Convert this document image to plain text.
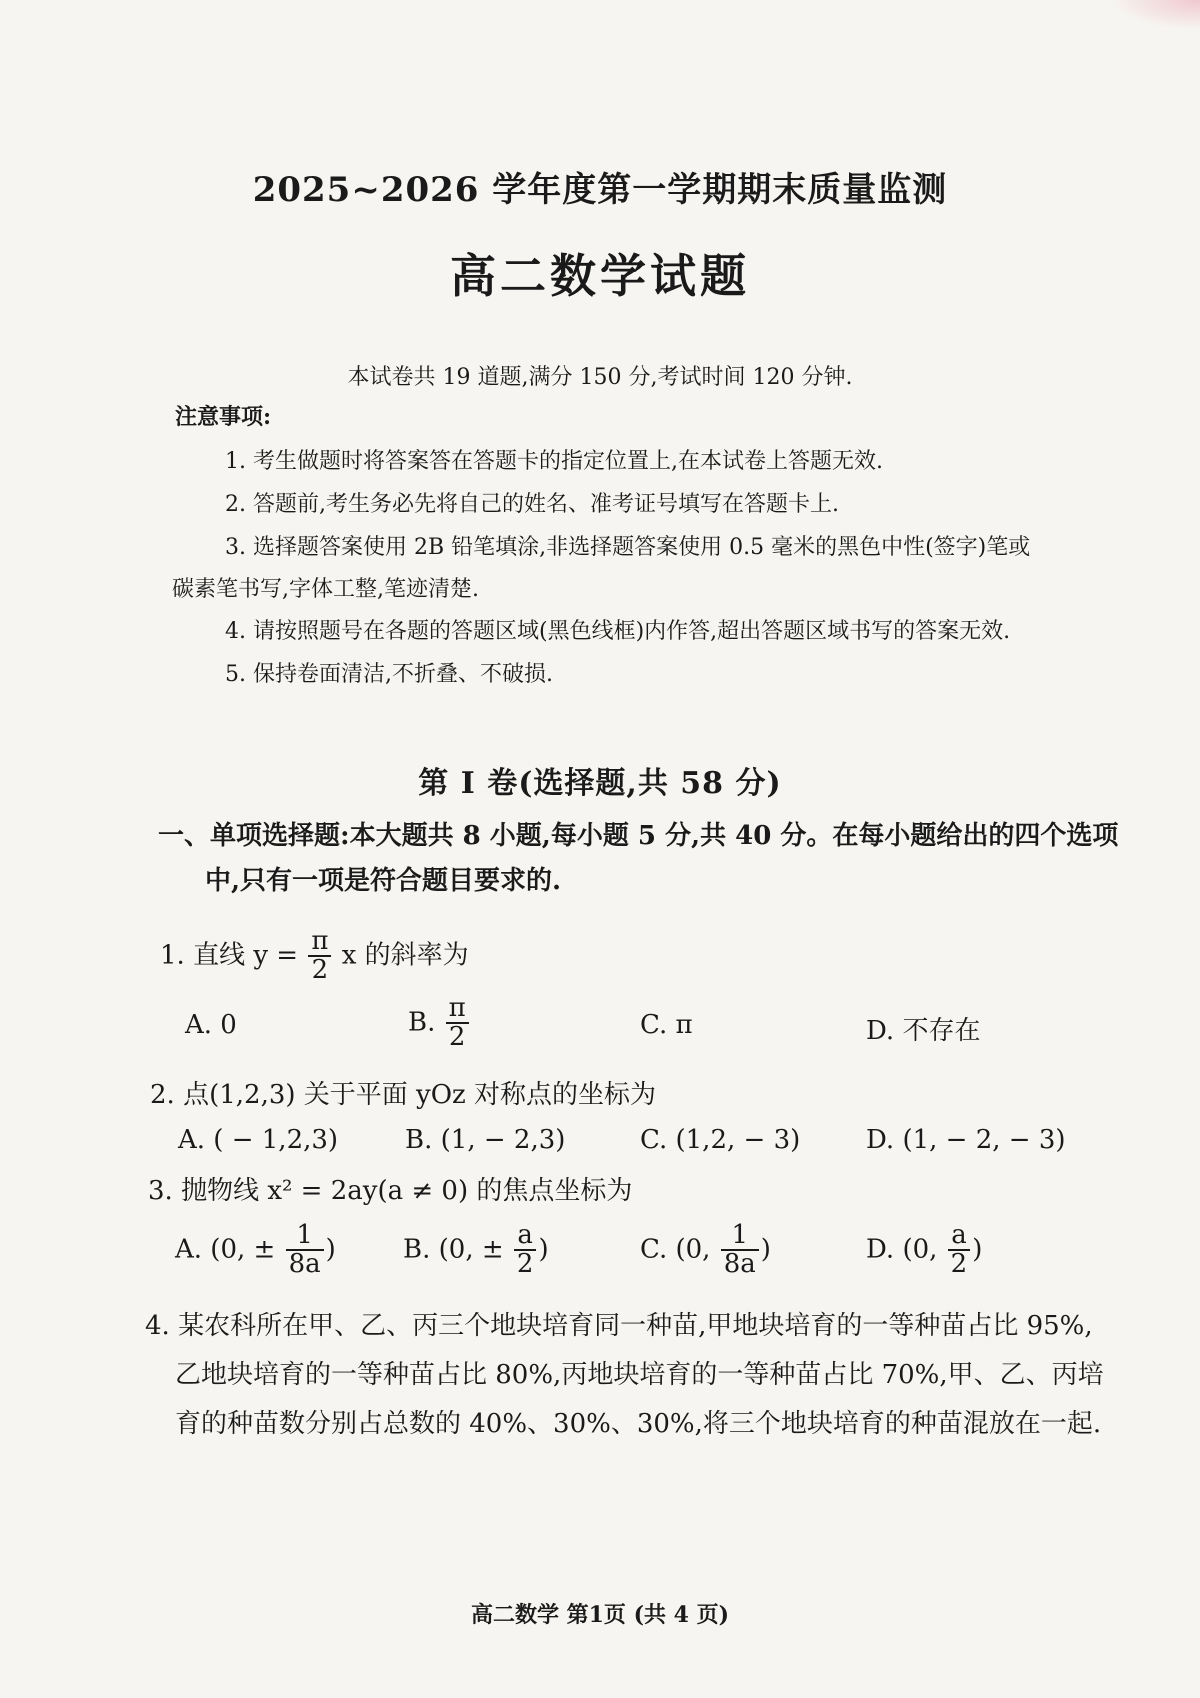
2025~2026 学年度第一学期期末质量监测
高二数学试题
本试卷共 19 道题,满分 150 分,考试时间 120 分钟.
注意事项:
1. 考生做题时将答案答在答题卡的指定位置上,在本试卷上答题无效.
2. 答题前,考生务必先将自己的姓名、准考证号填写在答题卡上.
3. 选择题答案使用 2B 铅笔填涂,非选择题答案使用 0.5 毫米的黑色中性(签字)笔或
碳素笔书写,字体工整,笔迹清楚.
4. 请按照题号在各题的答题区域(黑色线框)内作答,超出答题区域书写的答案无效.
5. 保持卷面清洁,不折叠、不破损.
第 Ⅰ 卷(选择题,共 58 分)
一、单项选择题:本大题共 8 小题,每小题 5 分,共 40 分。在每小题给出的四个选项
中,只有一项是符合题目要求的.
1. 直线 $y = \frac{\pi}{2}$ x 的斜率为
A. 0	B. $\frac{\pi}{2}$	C. π	D. 不存在
2. 点(1,2,3) 关于平面 yOz 对称点的坐标为
A. ( − 1,2,3)	B. (1, − 2,3)	C. (1,2, − 3)	D. (1, − 2, − 3)
3. 抛物线 x² = 2ay(a ≠ 0) 的焦点坐标为
A. (0, ± $\frac{1}{8a}$ )	B. (0, ± $\frac{a}{2}$ )	C. (0, $\frac{1}{8a}$ )	D. (0, $\frac{a}{2}$ )
4. 某农科所在甲、乙、丙三个地块培育同一种苗,甲地块培育的一等种苗占比 95%,
乙地块培育的一等种苗占比 80%,丙地块培育的一等种苗占比 70%,甲、乙、丙培
育的种苗数分别占总数的 40%、30%、30%,将三个地块培育的种苗混放在一起.
高二数学 第1页 (共 4 页)
